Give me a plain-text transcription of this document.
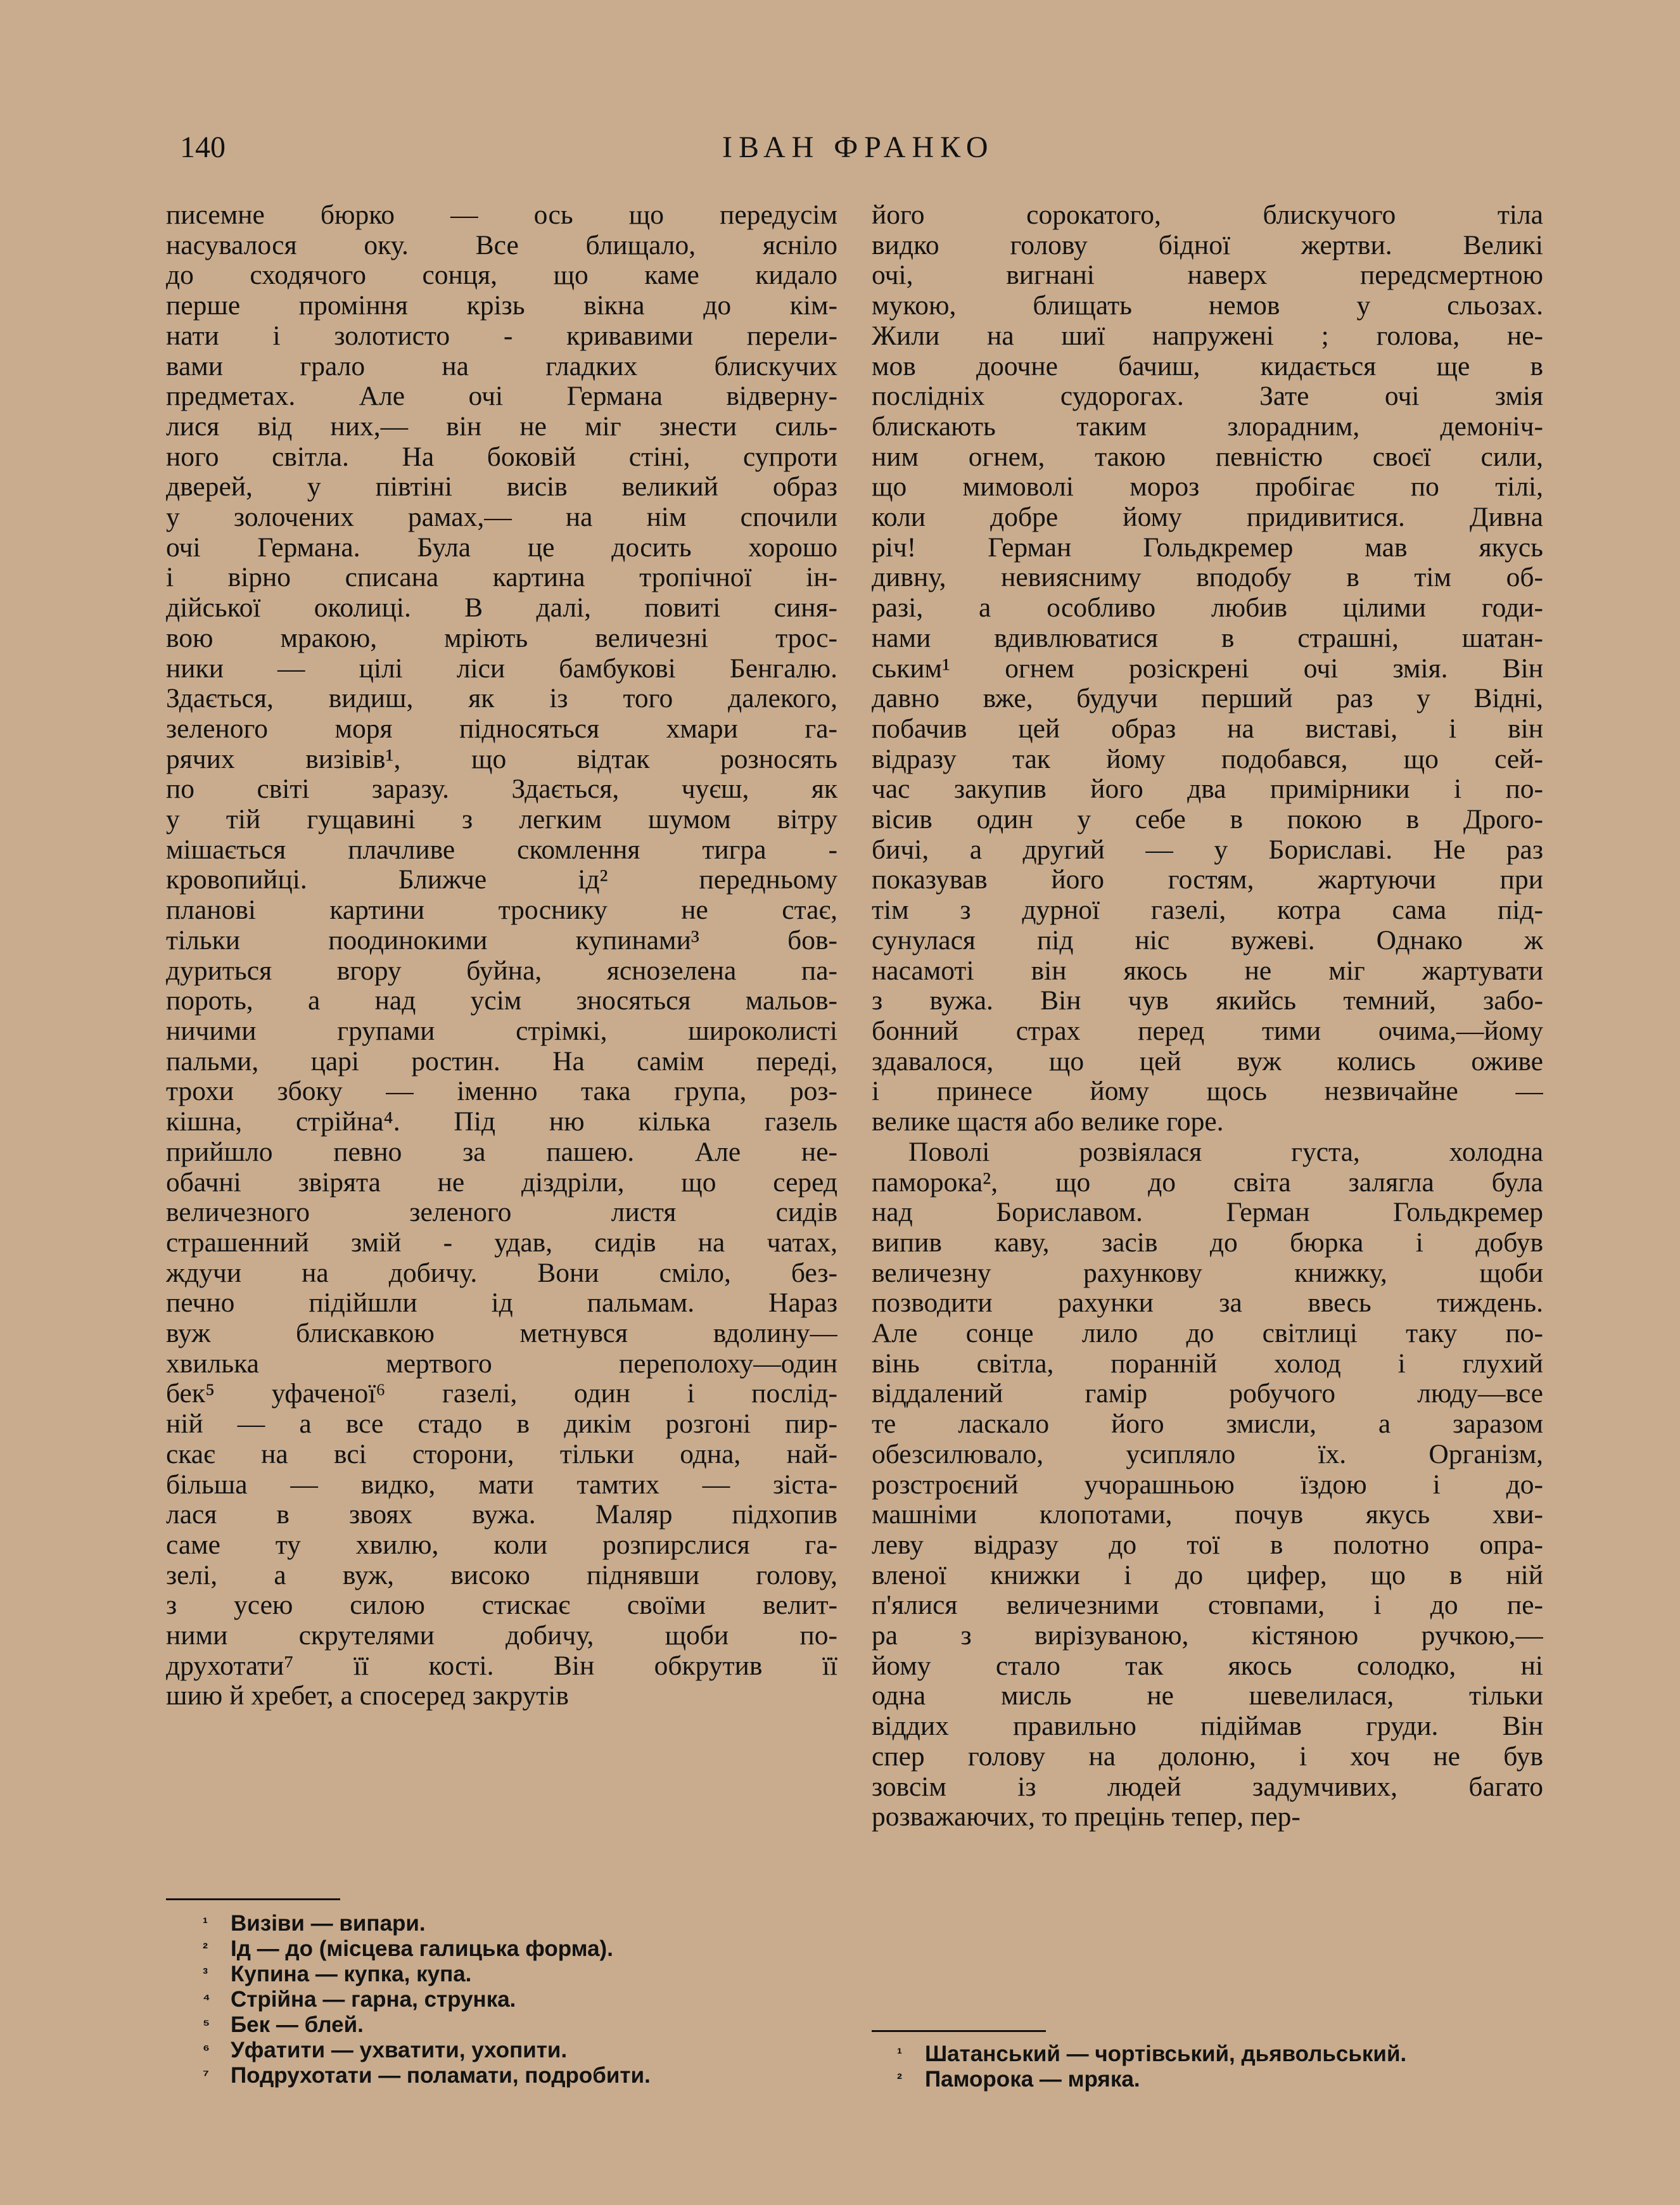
140	ІВАН ФРАНКО
писемне бюрко — ось що передусім
насувалося оку. Все блищало, ясніло
до сходячого сонця, що каме кидало
перше проміння крізь вікна до кім-
нати і золотисто - кривавими перели-
вами грало на гладких блискучих
предметах. Але очі Германа відверну-
лися від них,— він не міг знести силь-
ного світла. На боковій стіні, супроти
дверей, у півтіні висів великий образ
у золочених рамах,— на нім спочили
очі Германа. Була це досить хорошо
і вірно списана картина тропічної ін-
дійської околиці. В далі, повиті синя-
вою мракою, мріють величезні трос-
ники — цілі ліси бамбукові Бенгалю.
Здається, видиш, як із того далекого,
зеленого моря підносяться хмари га-
рячих визівів¹, що відтак розносять
по світі заразу. Здається, чуєш, як
у тій гущавині з легким шумом вітру
мішається плачливе скомлення тигра -
кровопийці. Ближче ід² передньому
планові картини троснику не стає,
тільки поодинокими купинами³ бов-
дуриться вгору буйна, яснозелена па-
пороть, а над усім зносяться мальов-
ничими групами стрімкі, широколисті
пальми, царі ростин. На самім переді,
трохи збоку — іменно така група, роз-
кішна, стрійна⁴. Під ню кілька газель
прийшло певно за пашею. Але не-
обачні звірята не діздріли, що серед
величезного зеленого листя сидів
страшенний змій - удав, сидів на чатах,
ждучи на добичу. Вони сміло, без-
печно підійшли ід пальмам. Нараз
вуж блискавкою метнувся вдолину—
хвилька мертвого переполоху—один
бек⁵ уфаченої⁶ газелі, один і послід-
ній — а все стадо в дикім розгоні пир-
скає на всі сторони, тільки одна, най-
більша — видко, мати тамтих — зіста-
лася в звоях вужа. Маляр підхопив
саме ту хвилю, коли розпирслися га-
зелі, а вуж, високо піднявши голову,
з усею силою стискає своїми велит-
ними скрутелями добичу, щоби по-
друхотати⁷ її кості. Він обкрутив її
шию й хребет, а спосеред закрутів
його сорокатого, блискучого тіла
видко голову бідної жертви. Великі
очі, вигнані наверх передсмертною
мукою, блищать немов у сльозах.
Жили на шиї напружені ; голова, не-
мов доочне бачиш, кидається ще в
послідніх судорогах. Зате очі змія
блискають таким злорадним, демоніч-
ним огнем, такою певністю своєї сили,
що мимоволі мороз пробігає по тілі,
коли добре йому придивитися. Дивна
річ! Герман Гольдкремер мав якусь
дивну, невияснимy вподобу в тім об-
разі, а особливо любив цілими годи-
нами вдивлюватися в страшні, шатан-
ським¹ огнем розіскрені очі змія. Він
давно вже, будучи перший раз у Відні,
побачив цей образ на виставі, і він
відразу так йому подобався, що сей-
час закупив його два примірники і по-
вісив один у себе в покою в Дрого-
бичі, а другий — у Бориславі. Не раз
показував його гостям, жартуючи при
тім з дурної газелі, котра сама під-
сунулася під ніс вужеві. Однако ж
насамоті він якось не міг жартувати
з вужа. Він чув якийсь темний, забо-
бонний страх перед тими очима,—йому
здавалося, що цей вуж колись оживе
і принесе йому щось незвичайне —
велике щастя або велике горе.
Поволі розвіялася густа, холодна
паморока², що до світа залягла була
над Бориславом. Герман Гольдкремер
випив каву, засів до бюрка і добув
величезну рахункову книжку, щоби
позводити рахунки за ввесь тиждень.
Але сонце лило до світлиці таку по-
вінь світла, поранній холод і глухий
віддалений гамір робучого люду—все
те ласкало його змисли, а заразом
обезсилювало, усипляло їх. Організм,
розстроєний учорашньою їздою і до-
машніми клопотами, почув якусь хви-
леву відразу до тої в полотно опра-
вленої книжки і до цифер, що в ній
п'ялися величезними стовпами, і до пе-
ра з вирізуваною, кістяною ручкою,—
йому стало так якось солодко, ні
одна мисль не шевелилася, тільки
віддих правильно підіймав груди. Він
спер голову на долоню, і хоч не був
зовсім із людей задумчивих, багато
розважаючих, то прецінь тепер, пер-
¹ Визіви — випари.
² Ід — до (місцева галицька форма).
³ Купина — купка, купа.
⁴ Стрійна — гарна, струнка.
⁵ Бек — блей.
⁶ Уфатити — ухватити, ухопити.
⁷ Подрухотати — поламати, подробити.
¹ Шатанський — чортівський, дьявольський.
² Паморока — мряка.
